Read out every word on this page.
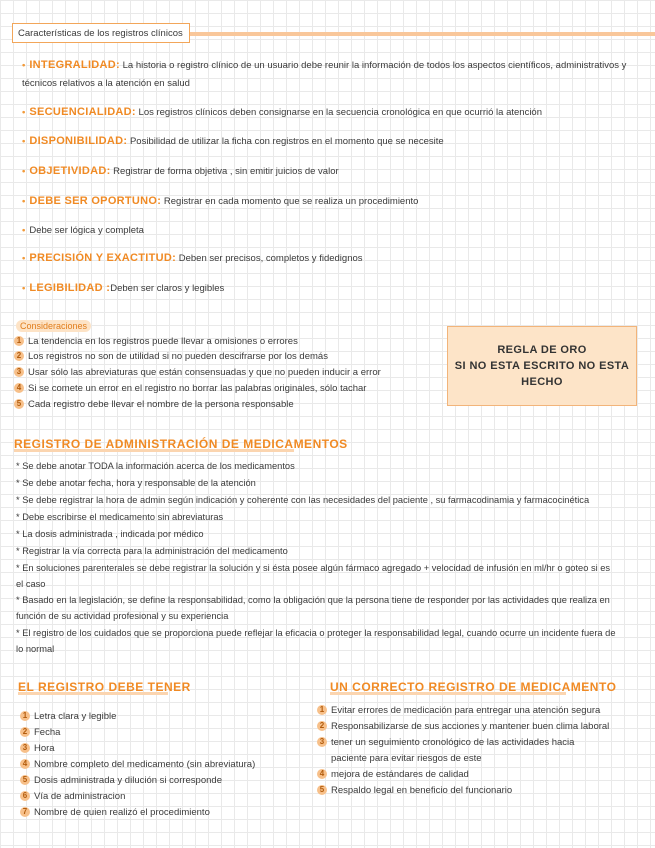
Características de los registros clínicos
• INTEGRALIDAD: La historia o registro clínico de un usuario debe reunir la información de todos los aspectos científicos, administrativos y
técnicos relativos a la atención en salud
• SECUENCIALIDAD: Los registros clínicos deben consignarse en la secuencia cronológica en que ocurrió la atención
• DISPONIBILIDAD: Posibilidad de utilizar la ficha con registros en el momento que se necesite
• OBJETIVIDAD: Registrar de forma objetiva , sin emitir juicios de valor
• DEBE SER OPORTUNO: Registrar en cada momento que se realiza un procedimiento
• Debe ser lógica y completa
• PRECISIÓN Y EXACTITUD: Deben ser precisos, completos y fidedignos
• LEGIBILIDAD :Deben ser claros y legibles
Consideraciones
1 La tendencia en los registros puede llevar a omisiones o errores
2 Los registros no son de utilidad si no pueden descifrarse por los demás
3 Usar sólo las abreviaturas que están consensuadas y que no pueden inducir a error
4 Si se comete un error en el registro no borrar las palabras originales, sólo tachar
5 Cada registro debe llevar el nombre de la persona responsable
REGLA DE ORO
SI NO ESTA ESCRITO NO ESTA
HECHO
REGISTRO DE ADMINISTRACIÓN DE MEDICAMENTOS
* Se debe anotar TODA la información acerca de los medicamentos
* Se debe anotar fecha, hora y responsable de la atención
* Se debe registrar la hora de admin según indicación y coherente con las necesidades del paciente , su farmacodinamia y farmacocinética
* Debe escribirse el medicamento sin abreviaturas
* La dosis administrada , indicada por médico
* Registrar la vía correcta para la administración del medicamento
* En soluciones parenterales se debe registrar la solución y si ésta posee algún fármaco agregado + velocidad de infusión en ml/hr o goteo si es
el caso
* Basado en la legislación, se define la responsabilidad, como la obligación que la persona tiene de responder por las actividades que realiza en
función de su actividad profesional y su experiencia
* El registro de los cuidados que se proporciona puede reflejar la eficacia o proteger la responsabilidad legal, cuando ocurre un incidente fuera de
lo normal
EL REGISTRO DEBE TENER
1 Letra clara y legible
2 Fecha
3 Hora
4 Nombre completo del medicamento (sin abreviatura)
5 Dosis administrada y dilución si corresponde
6 Vía de administracion
7 Nombre de quien realizó el procedimiento
UN CORRECTO REGISTRO DE MEDICAMENTO
1 Evitar errores de medicación para entregar una atención segura
2 Responsabilizarse de sus acciones y mantener buen clima laboral
3 tener un seguimiento cronológico de las actividades hacia
paciente para evitar riesgos de este
4 mejora de estándares de calidad
5 Respaldo legal en beneficio del funcionario
